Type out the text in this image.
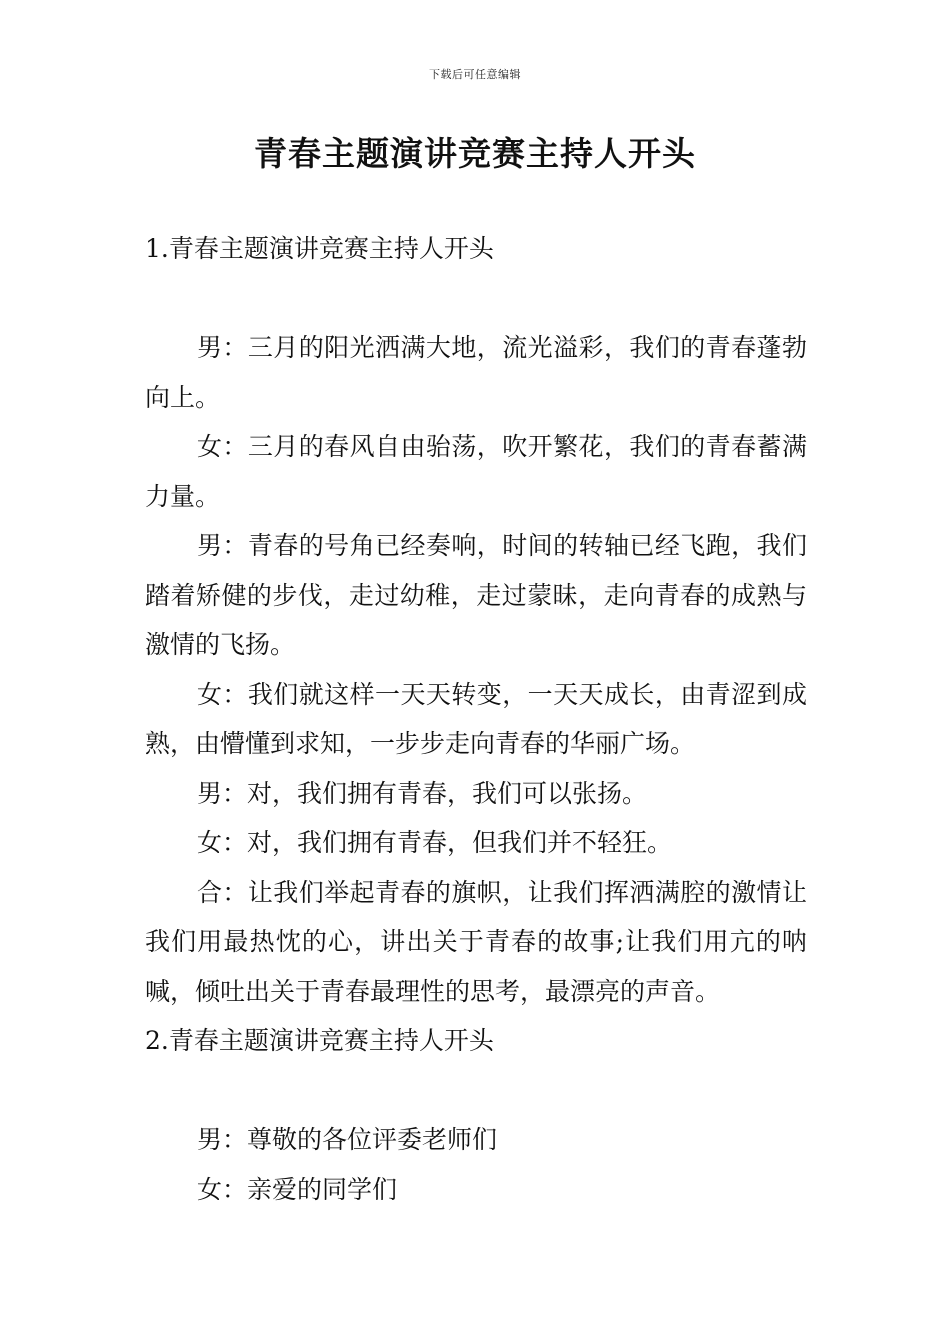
下载后可任意编辑
青春主题演讲竞赛主持人开头

1.青春主题演讲竞赛主持人开头

男：三月的阳光洒满大地，流光溢彩，我们的青春蓬勃向上。

女：三月的春风自由骀荡，吹开繁花，我们的青春蓄满力量。

男：青春的号角已经奏响，时间的转轴已经飞跑，我们踏着矫健的步伐，走过幼稚，走过蒙昧，走向青春的成熟与激情的飞扬。

女：我们就这样一天天转变，一天天成长，由青涩到成熟，由懵懂到求知，一步步走向青春的华丽广场。

男：对，我们拥有青春，我们可以张扬。

女：对，我们拥有青春，但我们并不轻狂。

合：让我们举起青春的旗帜，让我们挥洒满腔的激情让我们用最热忱的心，讲出关于青春的故事;让我们用亢的呐喊，倾吐出关于青春最理性的思考，最漂亮的声音。

2.青春主题演讲竞赛主持人开头

男：尊敬的各位评委老师们

女：亲爱的同学们
